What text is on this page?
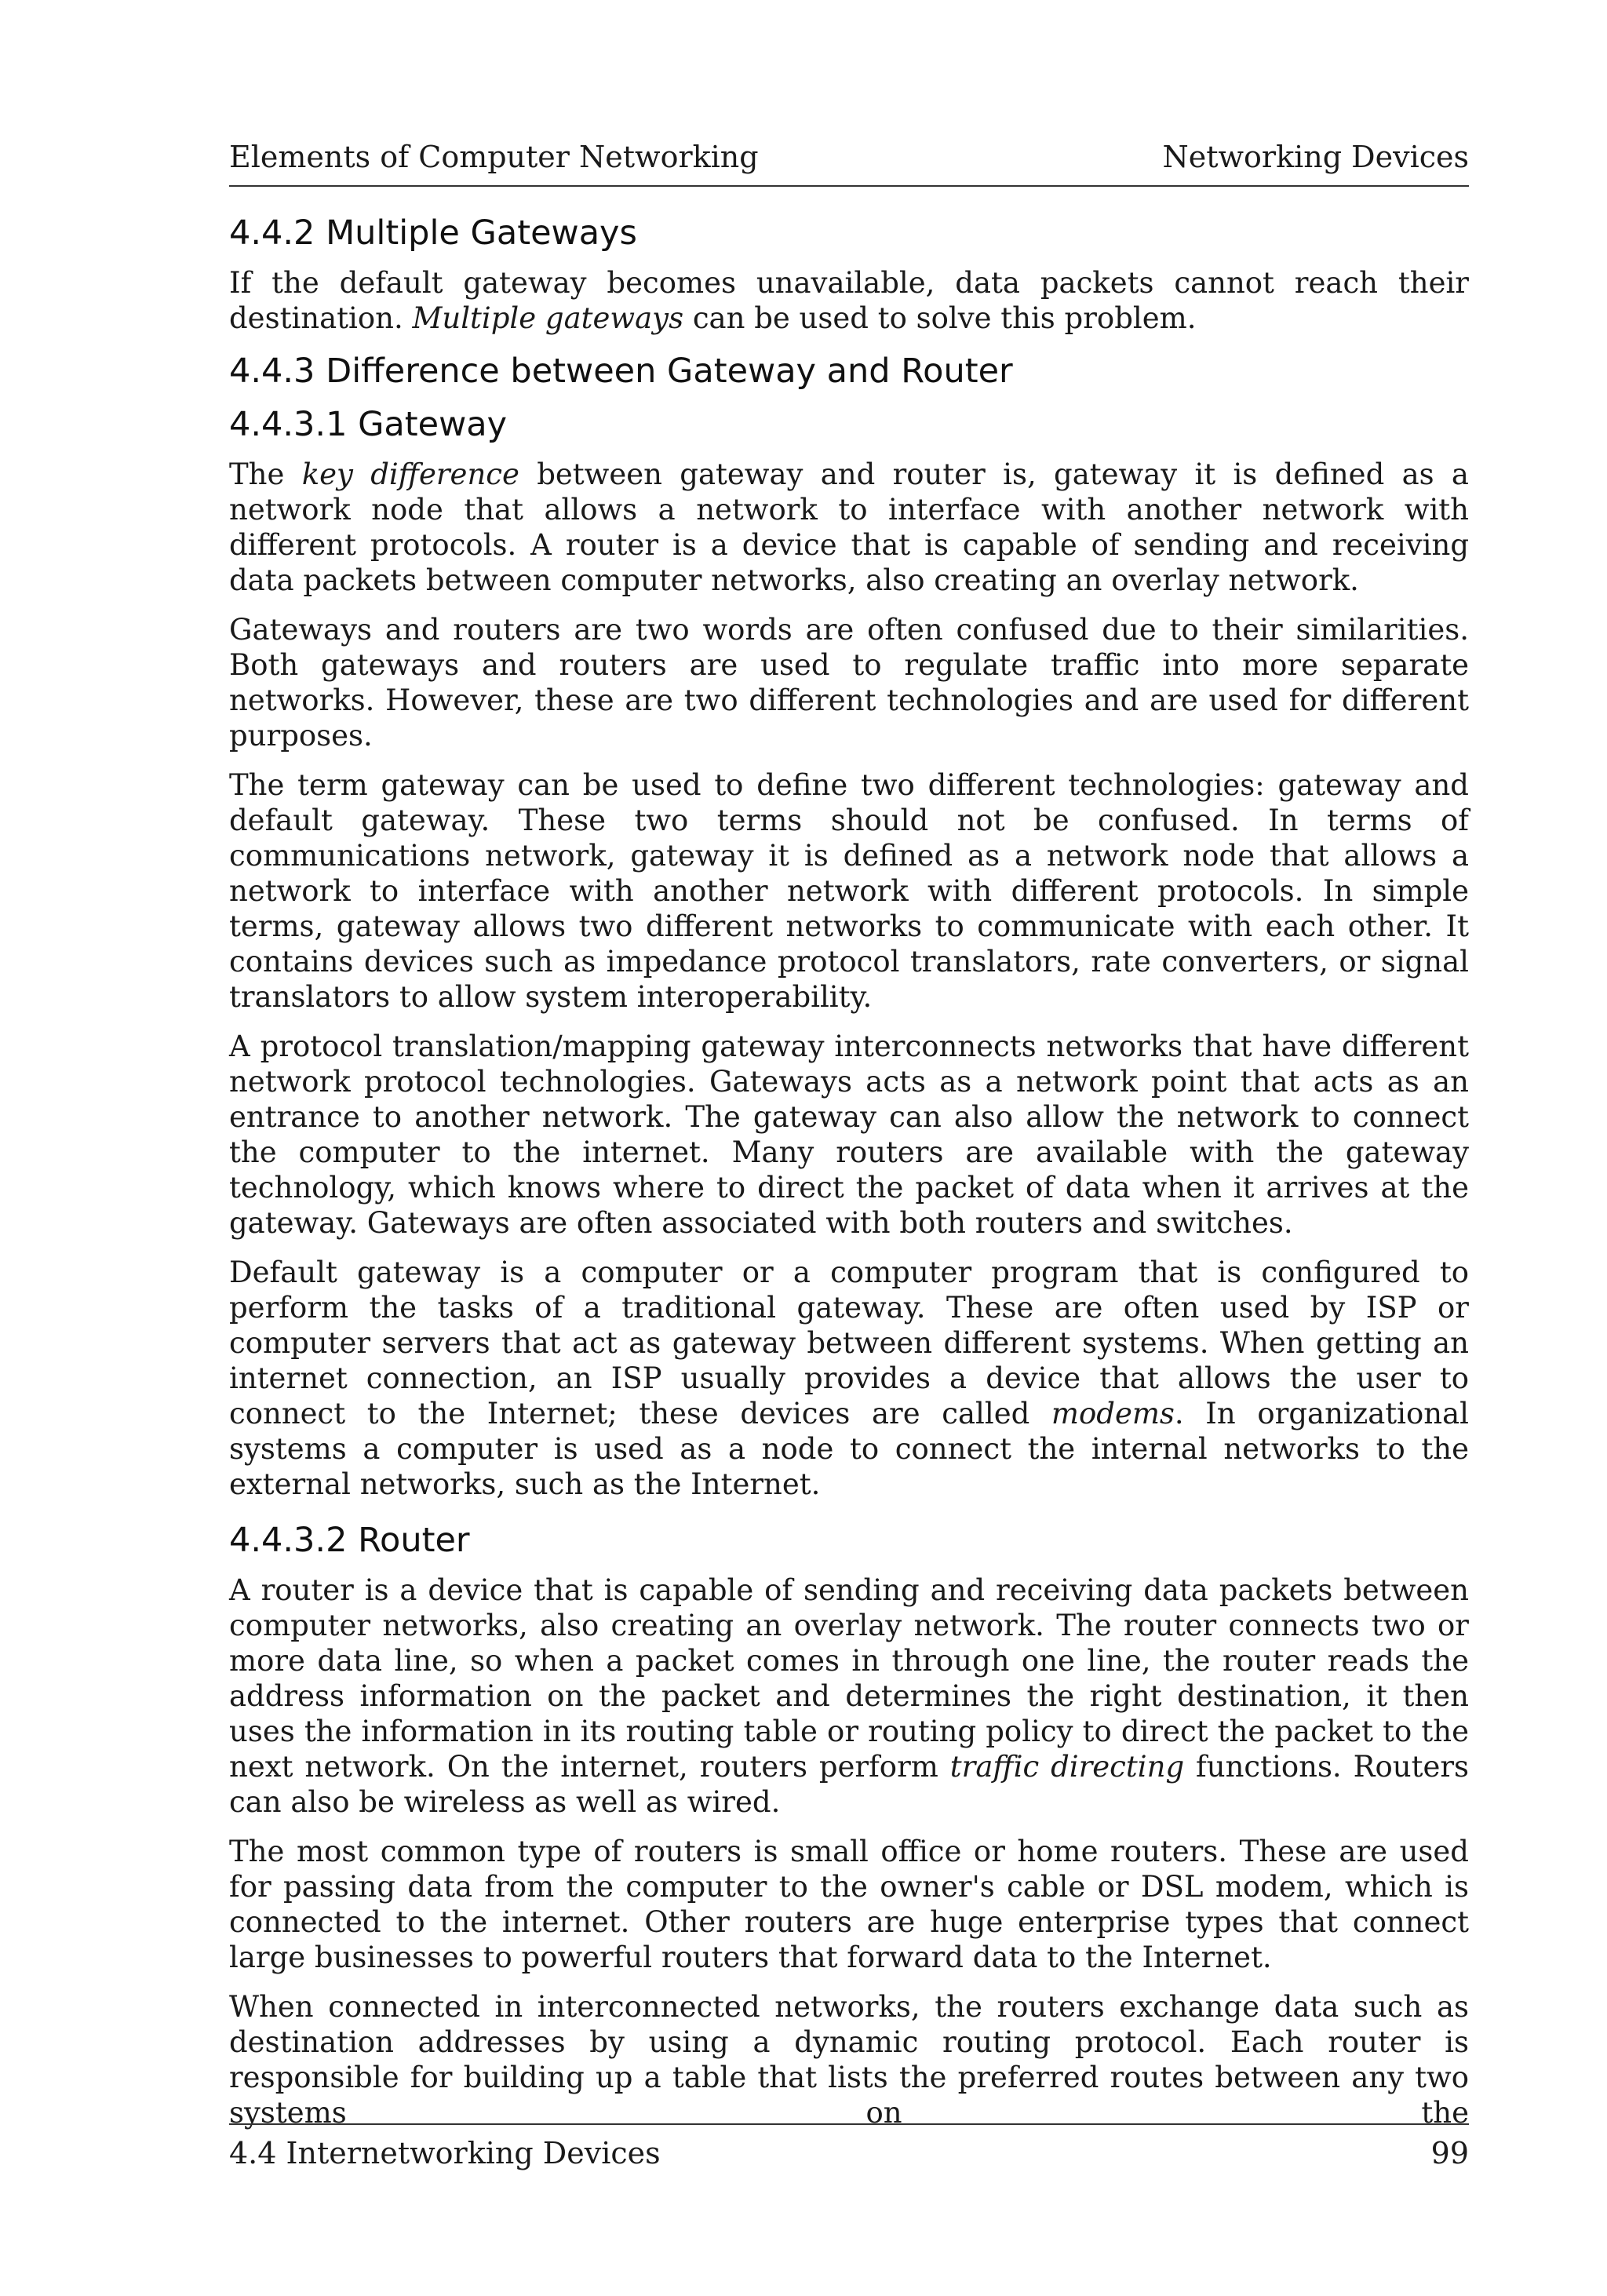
Elements of Computer Networking	Networking Devices
4.4.2 Multiple Gateways

If the default gateway becomes unavailable, data packets cannot reach their destination. Multiple gateways can be used to solve this problem.

4.4.3 Difference between Gateway and Router
4.4.3.1 Gateway

The key difference between gateway and router is, gateway it is defined as a network node that allows a network to interface with another network with different protocols. A router is a device that is capable of sending and receiving data packets between computer networks, also creating an overlay network.

Gateways and routers are two words are often confused due to their similarities. Both gateways and routers are used to regulate traffic into more separate networks. However, these are two different technologies and are used for different purposes.

The term gateway can be used to define two different technologies: gateway and default gateway. These two terms should not be confused. In terms of communications network, gateway it is defined as a network node that allows a network to interface with another network with different protocols. In simple terms, gateway allows two different networks to communicate with each other. It contains devices such as impedance protocol translators, rate converters, or signal translators to allow system interoperability.

A protocol translation/mapping gateway interconnects networks that have different network protocol technologies. Gateways acts as a network point that acts as an entrance to another network. The gateway can also allow the network to connect the computer to the internet. Many routers are available with the gateway technology, which knows where to direct the packet of data when it arrives at the gateway. Gateways are often associated with both routers and switches.

Default gateway is a computer or a computer program that is configured to perform the tasks of a traditional gateway. These are often used by ISP or computer servers that act as gateway between different systems. When getting an internet connection, an ISP usually provides a device that allows the user to connect to the Internet; these devices are called modems. In organizational systems a computer is used as a node to connect the internal networks to the external networks, such as the Internet.

4.4.3.2 Router

A router is a device that is capable of sending and receiving data packets between computer networks, also creating an overlay network. The router connects two or more data line, so when a packet comes in through one line, the router reads the address information on the packet and determines the right destination, it then uses the information in its routing table or routing policy to direct the packet to the next network. On the internet, routers perform traffic directing functions. Routers can also be wireless as well as wired.

The most common type of routers is small office or home routers. These are used for passing data from the computer to the owner's cable or DSL modem, which is connected to the internet. Other routers are huge enterprise types that connect large businesses to powerful routers that forward data to the Internet.

When connected in interconnected networks, the routers exchange data such as destination addresses by using a dynamic routing protocol. Each router is responsible for building up a table that lists the preferred routes between any two systems on the

4.4 Internetworking Devices	99
